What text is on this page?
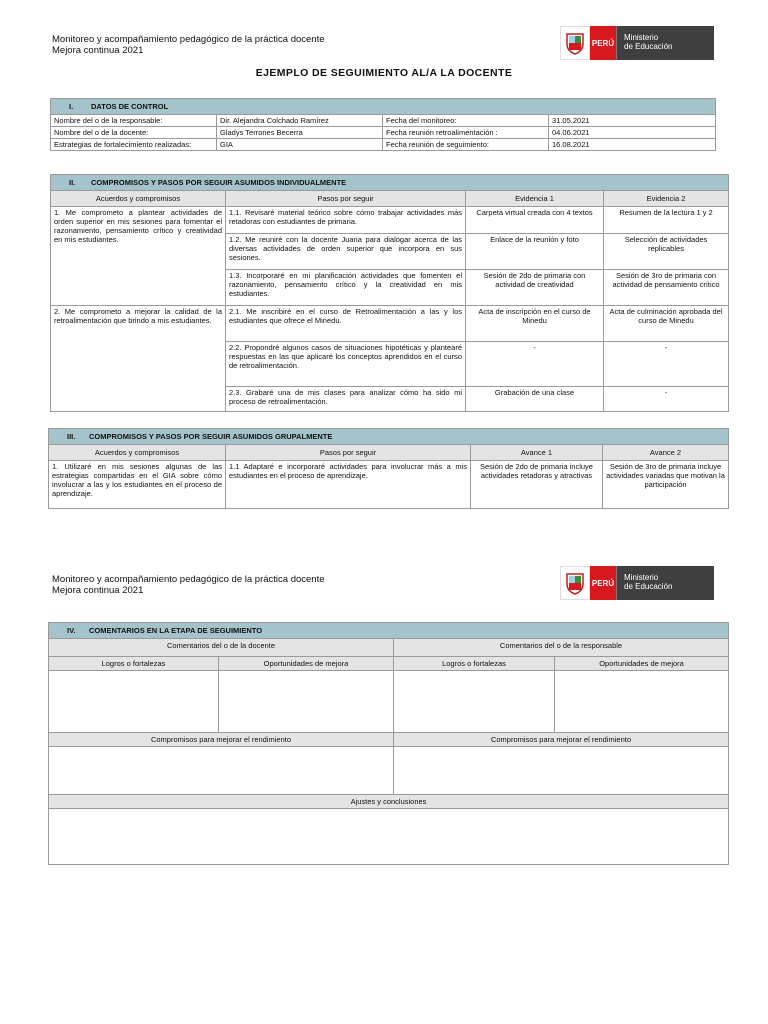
Monitoreo y acompañamiento pedagógico de la práctica docente
Mejora continua 2021
PERÚ
Ministerio
de Educación
EJEMPLO DE SEGUIMIENTO AL/A LA DOCENTE
I. DATOS DE CONTROL			
Nombre del o de la responsable:	Dir. Alejandra Colchado Ramírez	Fecha del monitoreo:	31.05.2021
Nombre del o de la docente:	Gladys Terrones Becerra	Fecha reunión retroalimentación :	04.06.2021
Estrategias de fortalecimiento realizadas:	GIA	Fecha reunión de seguimiento:	16.08.2021
II. COMPROMISOS Y PASOS POR SEGUIR ASUMIDOS INDIVIDUALMENTE			
Acuerdos y compromisos	Pasos por seguir	Evidencia 1	Evidencia 2
1. Me comprometo a plantear actividades de orden superior en mis sesiones para fomentar el razonamiento, pensamiento crítico y creatividad en mis estudiantes.	1.1. Revisaré material teórico sobre cómo trabajar actividades más retadoras con estudiantes de primaria.	Carpeta virtual creada con 4 textos	Resumen de la lectura 1 y 2
	1.2. Me reuniré con la docente Juana para dialogar acerca de las diversas actividades de orden superior que incorpora en sus sesiones.	Enlace de la reunión y foto	Selección de actividades replicables
	1.3. Incorporaré en mi planificación actividades que fomenten el razonamiento, pensamiento crítico y la creatividad en mis estudiantes.	Sesión de 2do de primaria con actividad de creatividad	Sesión de 3ro de primaria con actividad de pensamiento crítico
2. Me comprometo a mejorar la calidad de la retroalimentación que brindo a mis estudiantes.	2.1. Me inscribiré en el curso de Retroalimentación a las y los estudiantes que ofrece el Minedu.	Acta de inscripción en el curso de Minedu	Acta de culminación aprobada del curso de Minedu
	2.2. Propondré algunos casos de situaciones hipotéticas y plantearé respuestas en las que aplicaré los conceptos aprendidos en el curso de retroalimentación.	-	-
	2.3. Grabaré una de mis clases para analizar cómo ha sido mi proceso de retroalimentación.	Grabación de una clase	-
III. COMPROMISOS Y PASOS POR SEGUIR ASUMIDOS GRUPALMENTE			
Acuerdos y compromisos	Pasos por seguir	Avance 1	Avance 2
1. Utilizaré en mis sesiones algunas de las estrategias compartidas en el GIA sobre cómo involucrar a las y los estudiantes en el proceso de aprendizaje.	1.1 Adaptaré e incorporaré actividades para involucrar más a mis estudiantes en el proceso de aprendizaje.	Sesión de 2do de primaria incluye actividades retadoras y atractivas	Sesión de 3ro de primaria incluye actividades variadas que motivan la participación
Monitoreo y acompañamiento pedagógico de la práctica docente
Mejora continua 2021
PERÚ
Ministerio
de Educación
IV. COMENTARIOS EN LA ETAPA DE SEGUIMIENTO			
Comentarios del o de la docente		Comentarios del o de la responsable	
Logros o fortalezas	Oportunidades de mejora	Logros o fortalezas	Oportunidades de mejora

Compromisos para mejorar el rendimiento		Compromisos para mejorar el rendimiento	

Ajustes y conclusiones			
